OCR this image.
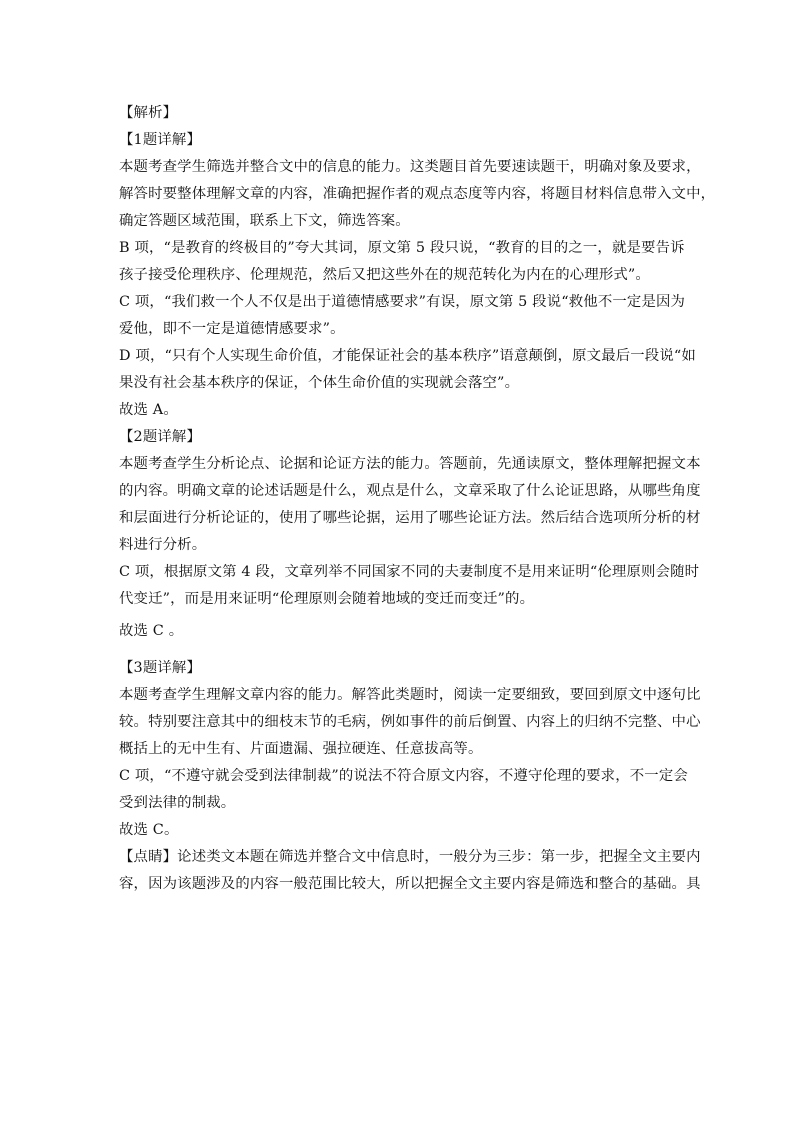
【解析】

【1题详解】

本题考查学生筛选并整合文中的信息的能力。这类题目首先要速读题干，明确对象及要求，

解答时要整体理解文章的内容，准确把握作者的观点态度等内容，将题目材料信息带入文中，

确定答题区域范围，联系上下文，筛选答案。

B 项，“是教育的终极目的”夸大其词，原文第 5 段只说，“教育的目的之一，就是要告诉

孩子接受伦理秩序、伦理规范，然后又把这些外在的规范转化为内在的心理形式”。

C 项，“我们救一个人不仅是出于道德情感要求”有误，原文第 5 段说“救他不一定是因为

爱他，即不一定是道德情感要求”。

D 项，“只有个人实现生命价值，才能保证社会的基本秩序”语意颠倒，原文最后一段说“如

果没有社会基本秩序的保证，个体生命价值的实现就会落空”。

故选 A。

【2题详解】

本题考查学生分析论点、论据和论证方法的能力。答题前，先通读原文，整体理解把握文本

的内容。明确文章的论述话题是什么，观点是什么，文章采取了什么论证思路，从哪些角度

和层面进行分析论证的，使用了哪些论据，运用了哪些论证方法。然后结合选项所分析的材

料进行分析。

C 项，根据原文第 4 段，文章列举不同国家不同的夫妻制度不是用来证明“伦理原则会随时

代变迁”，而是用来证明“伦理原则会随着地域的变迁而变迁”的。

故选 C 。

【3题详解】

本题考查学生理解文章内容的能力。解答此类题时，阅读一定要细致，要回到原文中逐句比

较。特别要注意其中的细枝末节的毛病，例如事件的前后倒置、内容上的归纳不完整、中心

概括上的无中生有、片面遗漏、强拉硬连、任意拔高等。

C 项，“不遵守就会受到法律制裁”的说法不符合原文内容，不遵守伦理的要求，不一定会

受到法律的制裁。

故选 C。

【点睛】论述类文本题在筛选并整合文中信息时，一般分为三步：第一步，把握全文主要内

容，因为该题涉及的内容一般范围比较大，所以把握全文主要内容是筛选和整合的基础。具
